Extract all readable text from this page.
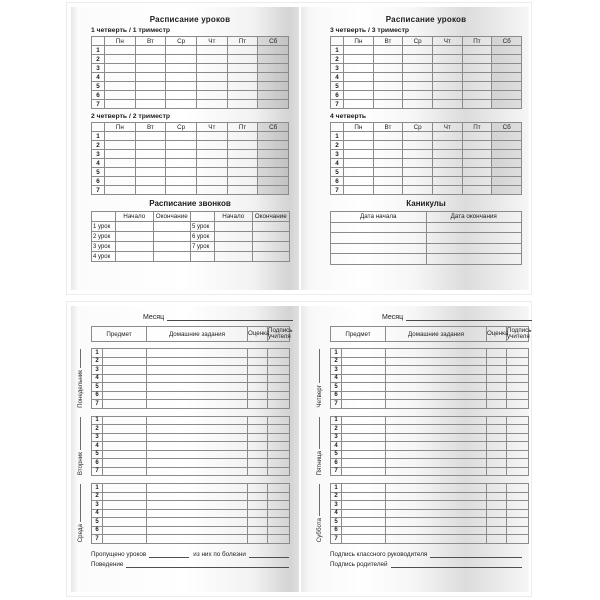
Расписание уроков
1 четверть / 1 триместр
	Пн	Вт	Ср	Чт	Пт	Сб
1						
2						
3						
4						
5						
6						
7						
2 четверть / 2 триместр
	Пн	Вт	Ср	Чт	Пт	Сб
1						
2						
3						
4						
5						
6						
7						
Расписание звонков
	Начало	Окончание		Начало	Окончание
1 урок			5 урок		
2 урок			6 урок		
3 урок			7 урок		
4 урок					
Расписание уроков
3 четверть / 3 триместр
	Пн	Вт	Ср	Чт	Пт	Сб
1						
2						
3						
4						
5						
6						
7						
4 четверть
	Пн	Вт	Ср	Чт	Пт	Сб
1						
2						
3						
4						
5						
6						
7						
Каникулы
Дата начала	Дата окончания

Месяц
Предмет	Домашние задания	Оценка	
Подпись
учителя
Понедельник
1				
2				
3				
4				
5				
6				
7				
Вторник
1				
2				
3				
4				
5				
6				
7				
Среда
1				
2				
3				
4				
5				
6				
7				
Пропущено уроков	из них по болезни
Поведение
Месяц
Предмет	Домашние задания	Оценка	
Подпись
учителя
Четверг
1				
2				
3				
4				
5				
6				
7				
Пятница
1				
2				
3				
4				
5				
6				
7				
Суббота
1				
2				
3				
4				
5				
6				
7				
Подпись классного руководителя
Подпись родителей
